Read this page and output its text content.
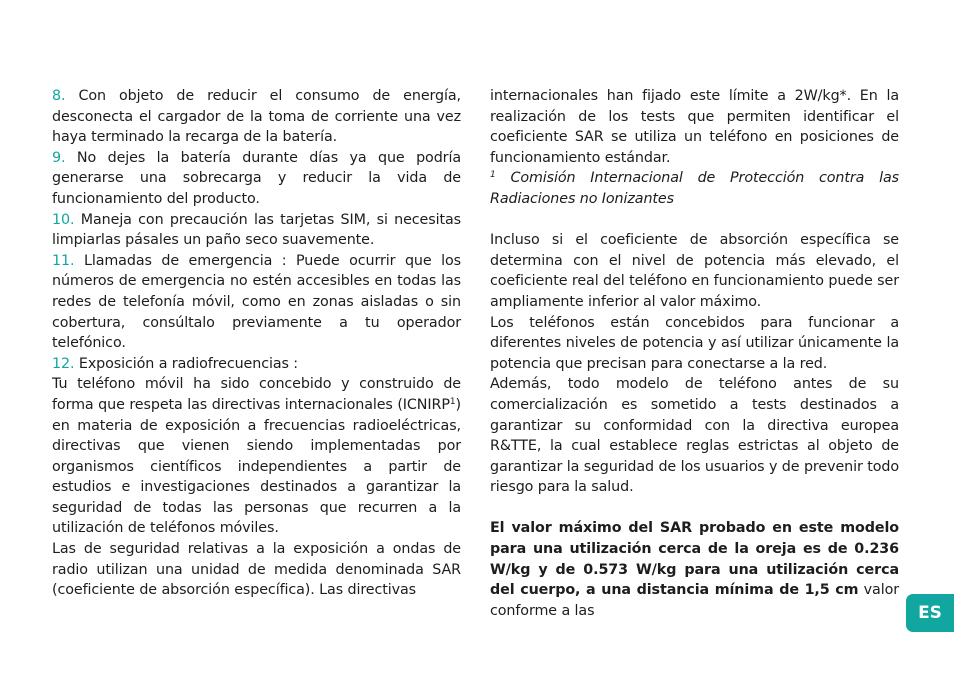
8. Con objeto de reducir el consumo de energía, desconecta el cargador de la toma de corriente una vez haya terminado la recarga de la batería.

9. No dejes la batería durante días ya que podría generarse una sobrecarga y reducir la vida de funcionamiento del producto.

10. Maneja con precaución las tarjetas SIM, si necesitas limpiarlas pásales un paño seco suavemente.

11. Llamadas de emergencia : Puede ocurrir que los números de emergencia no estén accesibles en todas las redes de telefonía móvil, como en zonas aisladas o sin cobertura, consúltalo previamente a tu operador telefónico.

12. Exposición a radiofrecuencias :

Tu teléfono móvil ha sido concebido y construido de forma que respeta las directivas internacionales (ICNIRP$^1$) en materia de exposición a frecuencias radioeléctricas, directivas que vienen siendo implementadas por organismos científicos independientes a partir de estudios e investigaciones destinados a garantizar la seguridad de todas las personas que recurren a la utilización de teléfonos móviles.

Las de seguridad relativas a la exposición a ondas de radio utilizan una unidad de medida denominada SAR (coeficiente de absorción específica). Las directivas

internacionales han fijado este límite a 2W/kg*. En la realización de los tests que permiten identificar el coeficiente SAR se utiliza un teléfono en posiciones de funcionamiento estándar.

$^1$ Comisión Internacional de Protección contra las Radiaciones no Ionizantes

Incluso si el coeficiente de absorción específica se determina con el nivel de potencia más elevado, el coeficiente real del teléfono en funcionamiento puede ser ampliamente inferior al valor máximo.

Los teléfonos están concebidos para funcionar a diferentes niveles de potencia y así utilizar únicamente la potencia que precisan para conectarse a la red.

Además, todo modelo de teléfono antes de su comercialización es sometido a tests destinados a garantizar su conformidad con la directiva europea R&TTE, la cual establece reglas estrictas al objeto de garantizar la seguridad de los usuarios y de prevenir todo riesgo para la salud.

El valor máximo del SAR probado en este modelo para una utilización cerca de la oreja es de 0.236 W/kg y de 0.573 W/kg para una utilización cerca del cuerpo, a una distancia mínima de 1,5 cm valor conforme a las	ES
